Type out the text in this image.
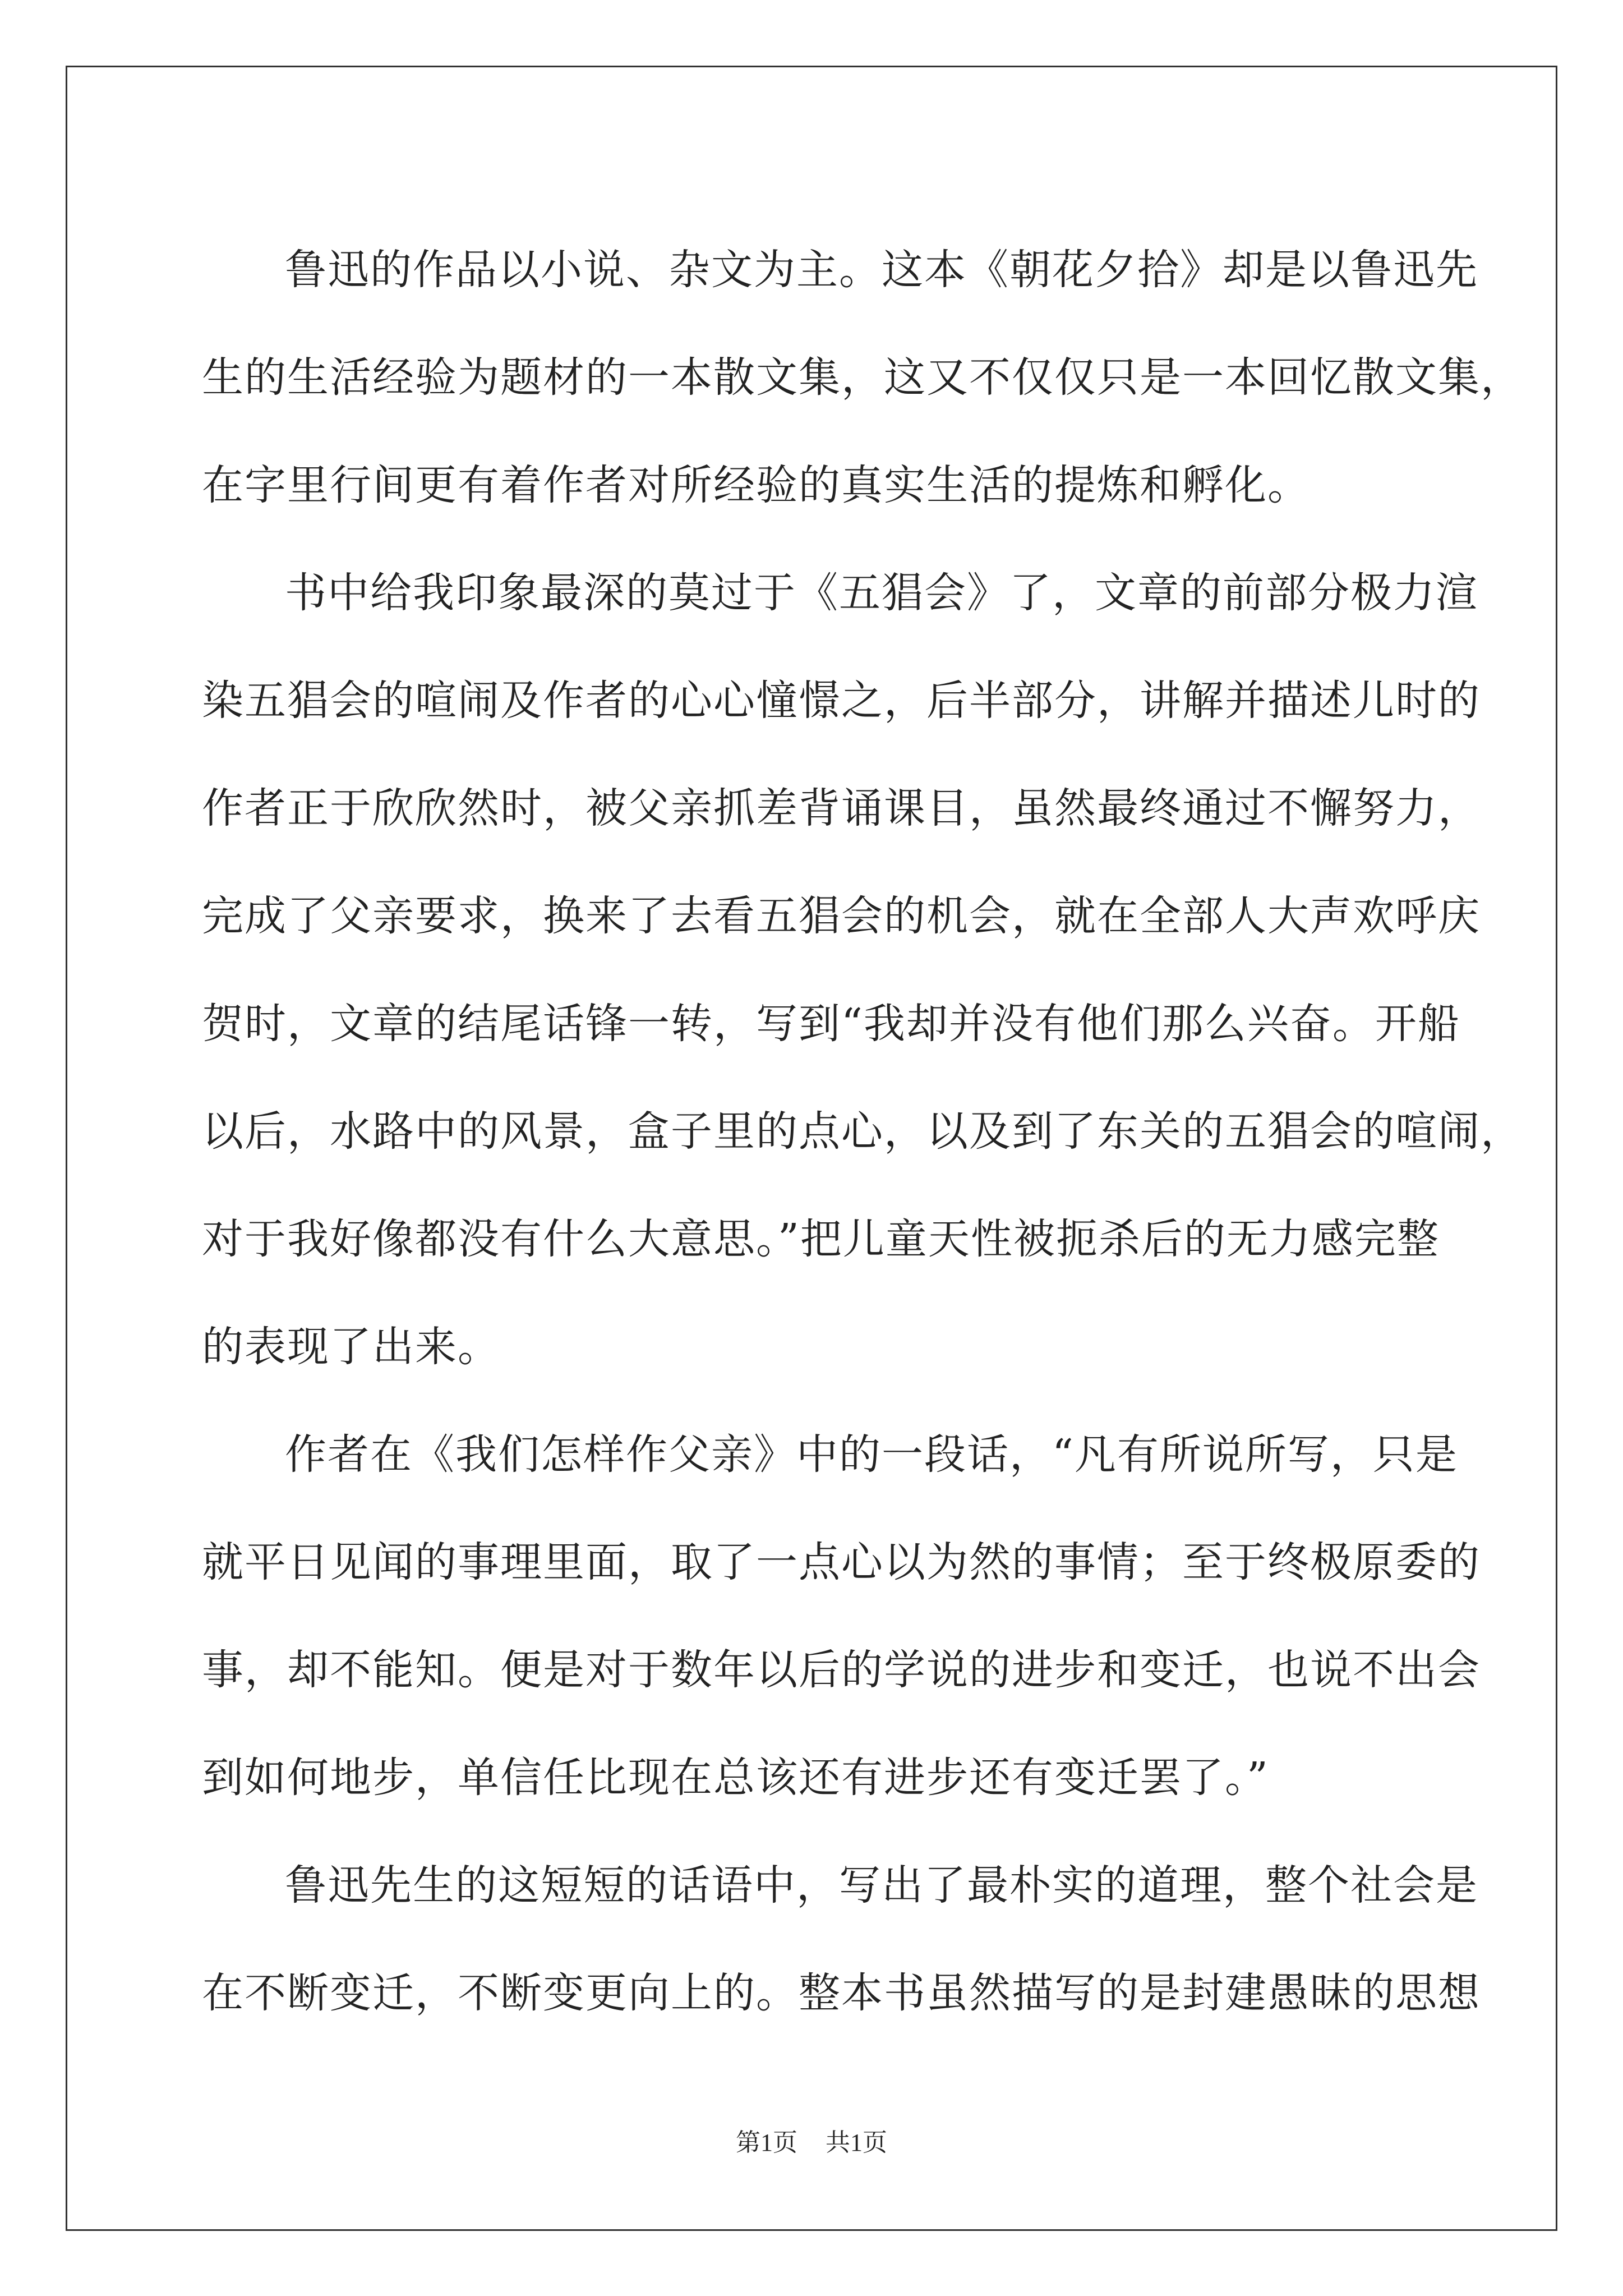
鲁迅的作品以小说、杂文为主。这本《朝花夕拾》却是以鲁迅先
生的生活经验为题材的一本散文集，这又不仅仅只是一本回忆散文集，
在字里行间更有着作者对所经验的真实生活的提炼和孵化。
书中给我印象最深的莫过于《五猖会》了，文章的前部分极力渲
染五猖会的喧闹及作者的心心憧憬之，后半部分，讲解并描述儿时的
作者正于欣欣然时，被父亲抓差背诵课目，虽然最终通过不懈努力，
完成了父亲要求，换来了去看五猖会的机会，就在全部人大声欢呼庆
贺时，文章的结尾话锋一转，写到“我却并没有他们那么兴奋。开船
以后，水路中的风景，盒子里的点心，以及到了东关的五猖会的喧闹，
对于我好像都没有什么大意思。”把儿童天性被扼杀后的无力感完整
的表现了出来。
作者在《我们怎样作父亲》中的一段话，“凡有所说所写，只是
就平日见闻的事理里面，取了一点心以为然的事情；至于终极原委的
事，却不能知。便是对于数年以后的学说的进步和变迁，也说不出会
到如何地步，单信任比现在总该还有进步还有变迁罢了。”
鲁迅先生的这短短的话语中，写出了最朴实的道理，整个社会是
在不断变迁，不断变更向上的。整本书虽然描写的是封建愚昧的思想
第1页 共1页
